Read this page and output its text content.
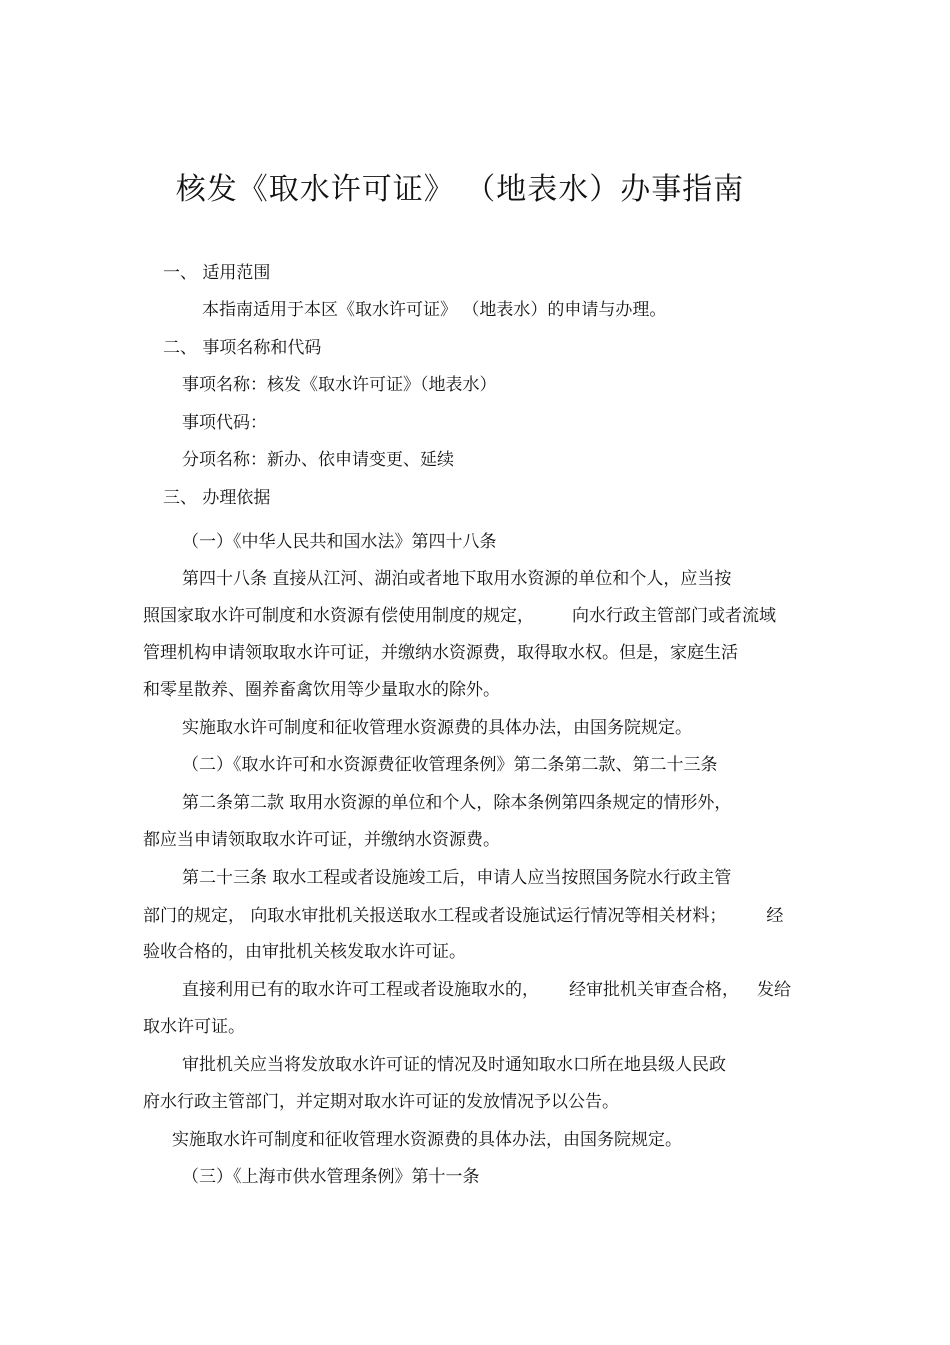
核发《取水许可证》 （地表水）办事指南
一、 适用范围
本指南适用于本区《取水许可证》 （地表水）的申请与办理。
二、 事项名称和代码
事项名称：核发《取水许可证》（地表水）
事项代码：
分项名称：新办、依申请变更、延续
三、 办理依据
（一）《中华人民共和国水法》第四十八条
第四十八条 直接从江河、湖泊或者地下取用水资源的单位和个人，应当按
照国家取水许可制度和水资源有偿使用制度的规定， 向水行政主管部门或者流域
管理机构申请领取取水许可证，并缴纳水资源费，取得取水权。但是，家庭生活
和零星散养、圈养畜禽饮用等少量取水的除外。
实施取水许可制度和征收管理水资源费的具体办法，由国务院规定。
（二）《取水许可和水资源费征收管理条例》第二条第二款、第二十三条
第二条第二款 取用水资源的单位和个人，除本条例第四条规定的情形外，
都应当申请领取取水许可证，并缴纳水资源费。
第二十三条 取水工程或者设施竣工后，申请人应当按照国务院水行政主管
部门的规定， 向取水审批机关报送取水工程或者设施试运行情况等相关材料； 经
验收合格的，由审批机关核发取水许可证。
直接利用已有的取水许可工程或者设施取水的， 经审批机关审查合格， 发给
取水许可证。
审批机关应当将发放取水许可证的情况及时通知取水口所在地县级人民政
府水行政主管部门，并定期对取水许可证的发放情况予以公告。
实施取水许可制度和征收管理水资源费的具体办法，由国务院规定。
（三）《上海市供水管理条例》第十一条
